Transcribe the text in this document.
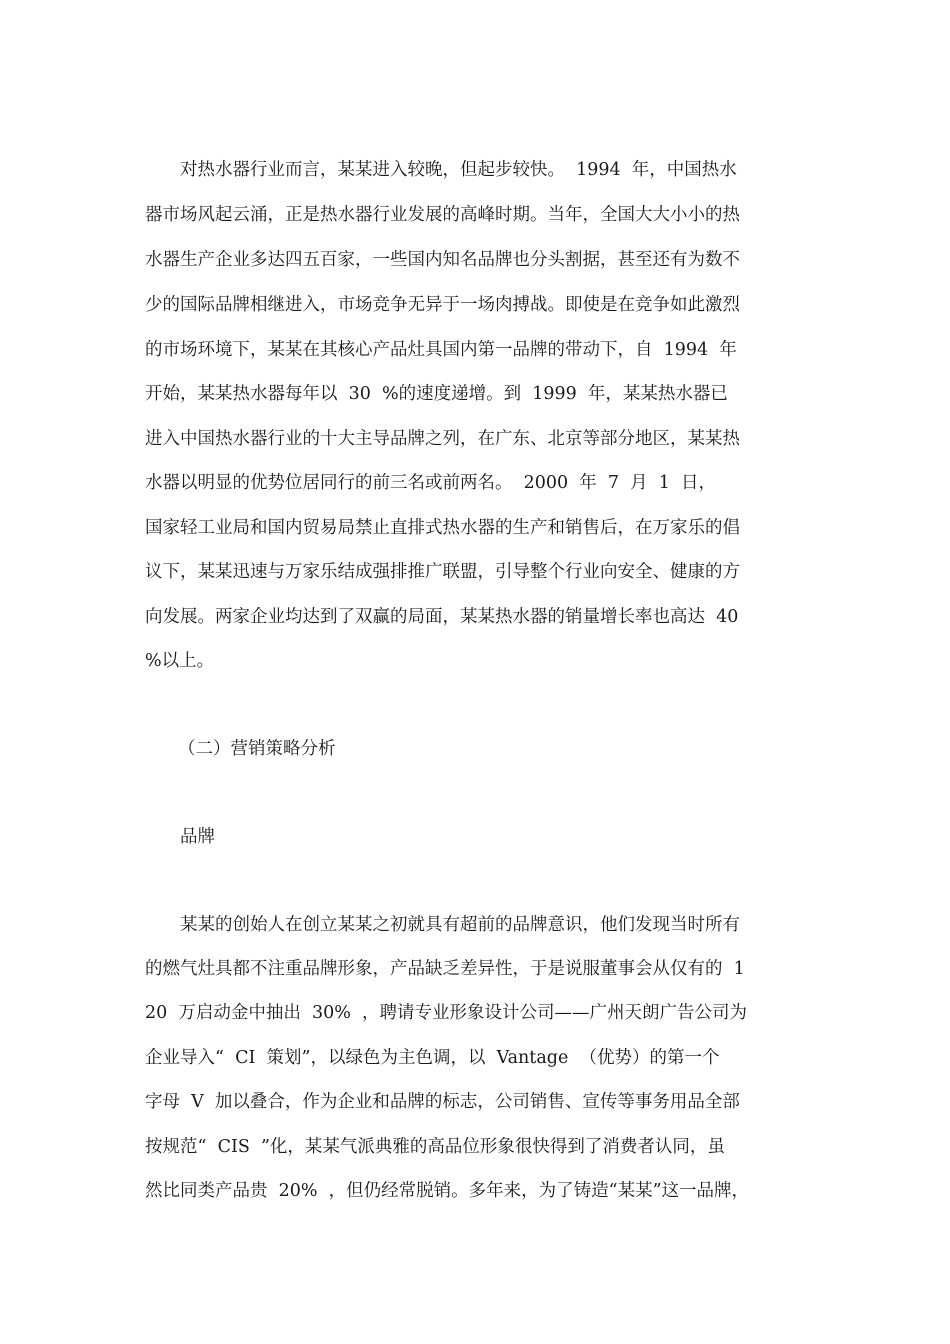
对热水器行业而言，某某进入较晚，但起步较快。  1994  年，中国热水

器市场风起云涌，正是热水器行业发展的高峰时期。当年，全国大大小小的热

水器生产企业多达四五百家，一些国内知名品牌也分头割据，甚至还有为数不

少的国际品牌相继进入，市场竞争无异于一场肉搏战。即使是在竞争如此激烈

的市场环境下，某某在其核心产品灶具国内第一品牌的带动下，自  1994  年

开始，某某热水器每年以  30  %的速度递增。到  1999  年，某某热水器已

进入中国热水器行业的十大主导品牌之列，在广东、北京等部分地区，某某热

水器以明显的优势位居同行的前三名或前两名。  2000  年  7  月  1  日，

国家轻工业局和国内贸易局禁止直排式热水器的生产和销售后，在万家乐的倡

议下，某某迅速与万家乐结成强排推广联盟，引导整个行业向安全、健康的方

向发展。两家企业均达到了双赢的局面，某某热水器的销量增长率也高达  40

%以上。

（二）营销策略分析

品牌

某某的创始人在创立某某之初就具有超前的品牌意识，他们发现当时所有

的燃气灶具都不注重品牌形象，产品缺乏差异性，于是说服董事会从仅有的  1

20  万启动金中抽出  30%  ，聘请专业形象设计公司——广州天朗广告公司为

企业导入“  CI  策划”，以绿色为主色调，以  Vantage  （优势）的第一个

字母  V  加以叠合，作为企业和品牌的标志，公司销售、宣传等事务用品全部

按规范“  CIS  ”化，某某气派典雅的高品位形象很快得到了消费者认同，虽

然比同类产品贵  20%  ，但仍经常脱销。多年来，为了铸造“某某”这一品牌，
